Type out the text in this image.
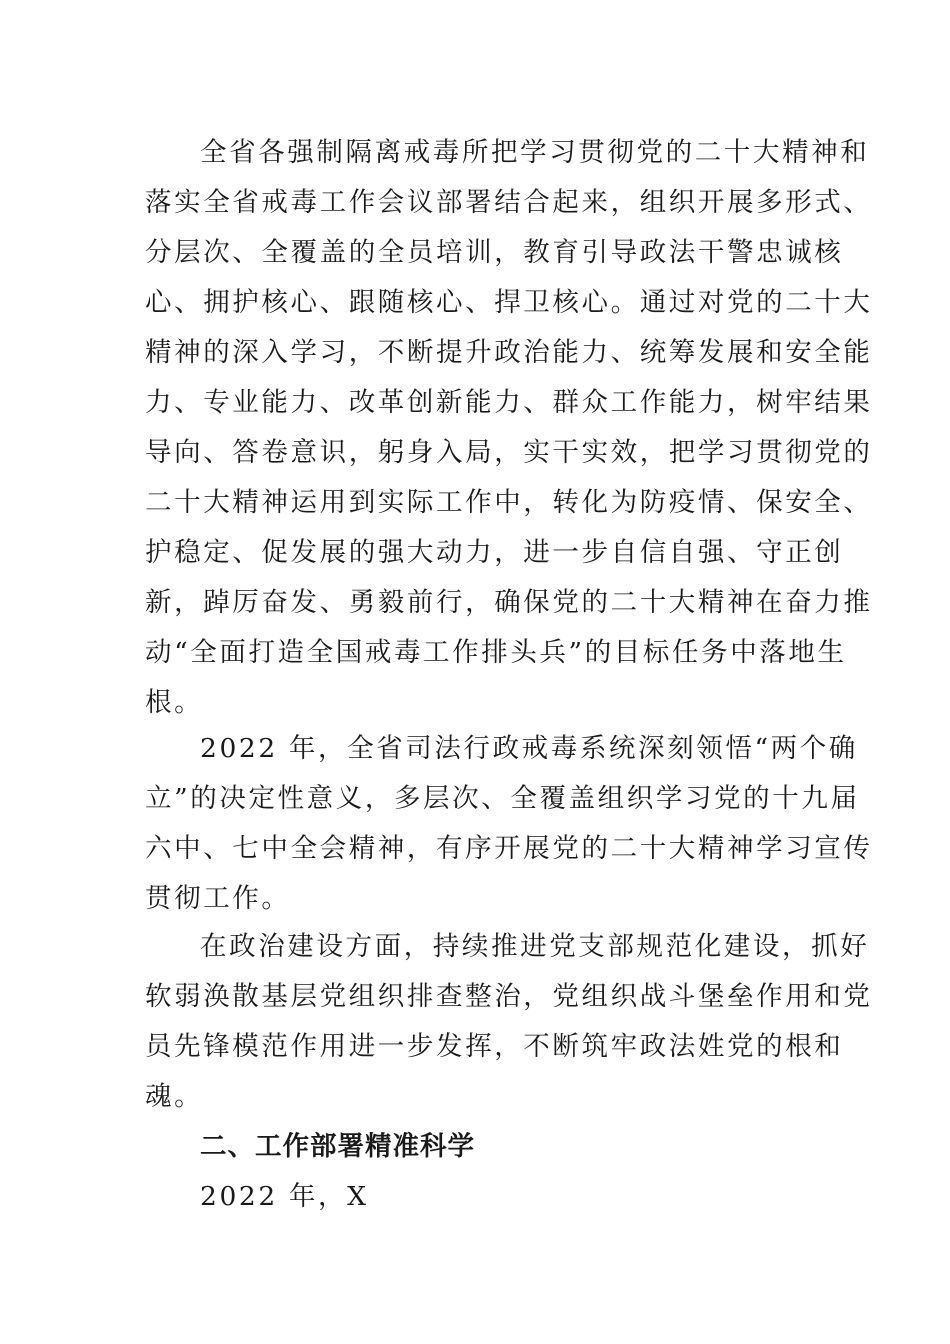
全省各强制隔离戒毒所把学习贯彻党的二十大精神和
落实全省戒毒工作会议部署结合起来，组织开展多形式、
分层次、全覆盖的全员培训，教育引导政法干警忠诚核
心、拥护核心、跟随核心、捍卫核心。通过对党的二十大
精神的深入学习，不断提升政治能力、统筹发展和安全能
力、专业能力、改革创新能力、群众工作能力，树牢结果
导向、答卷意识，躬身入局，实干实效，把学习贯彻党的
二十大精神运用到实际工作中，转化为防疫情、保安全、
护稳定、促发展的强大动力，进一步自信自强、守正创
新，踔厉奋发、勇毅前行，确保党的二十大精神在奋力推
动“全面打造全国戒毒工作排头兵”的目标任务中落地生
根。
2022 年，全省司法行政戒毒系统深刻领悟“两个确
立”的决定性意义，多层次、全覆盖组织学习党的十九届
六中、七中全会精神，有序开展党的二十大精神学习宣传
贯彻工作。
在政治建设方面，持续推进党支部规范化建设，抓好
软弱涣散基层党组织排查整治，党组织战斗堡垒作用和党
员先锋模范作用进一步发挥，不断筑牢政法姓党的根和
魂。
二、工作部署精准科学
2022 年，X
